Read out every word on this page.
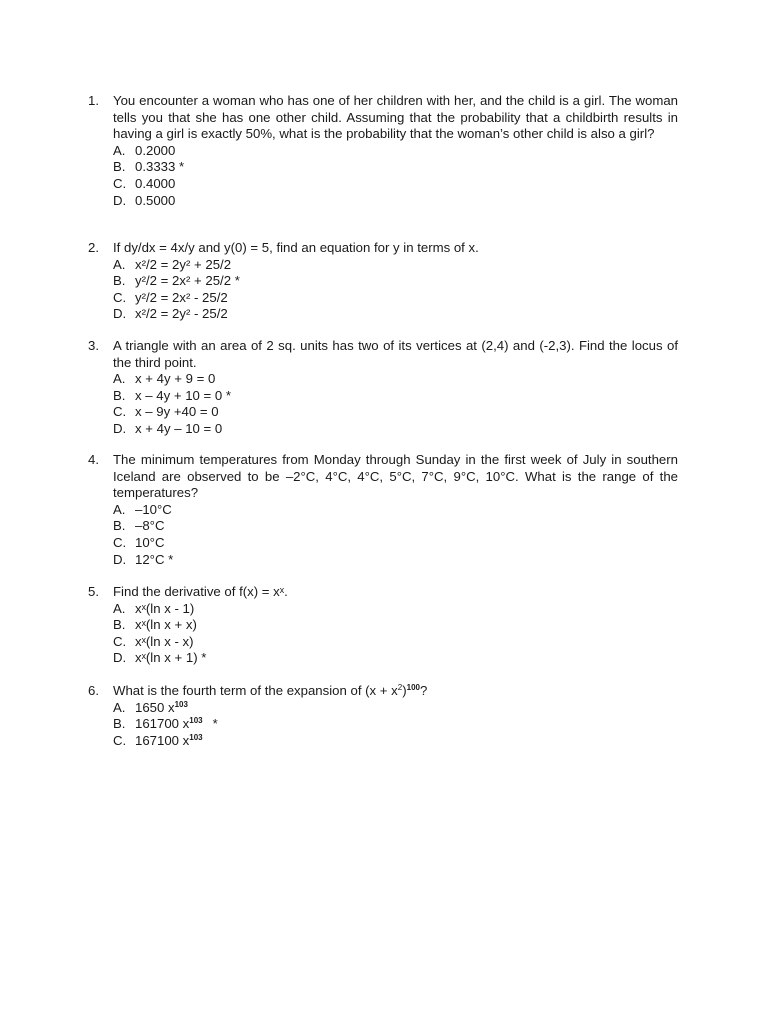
1.	You encounter a woman who has one of her children with her, and the child is a girl. The woman tells you that she has one other child. Assuming that the probability that a childbirth results in having a girl is exactly 50%, what is the probability that the woman’s other child is also a girl?
A. 0.2000
B. 0.3333 *
C. 0.4000
D. 0.5000
2.	If dy/dx = 4x/y and y(0) = 5, find an equation for y in terms of x.
A. x²/2 = 2y² + 25/2
B. y²/2 = 2x² + 25/2 *
C. y²/2 = 2x² - 25/2
D. x²/2 = 2y² - 25/2
3.	A triangle with an area of 2 sq. units has two of its vertices at (2,4) and (-2,3). Find the locus of the third point.
A. x + 4y + 9 = 0
B. x – 4y + 10 = 0 *
C. x – 9y +40 = 0
D. x + 4y – 10 = 0
4.	The minimum temperatures from Monday through Sunday in the first week of July in southern Iceland are observed to be –2°C, 4°C, 4°C, 5°C, 7°C, 9°C, 10°C. What is the range of the temperatures?
A. –10°C
B. –8°C
C. 10°C
D. 12°C *
5.	Find the derivative of f(x) = xˣ.
A. xˣ(ln x - 1)
B. xˣ(ln x + x)
C. xˣ(ln x - x)
D. xˣ(ln x + 1) *
6.	What is the fourth term of the expansion of $(x + x^2)^{100}$?
A. 1650 $x^{103}$
B. 161700 $x^{103}$ *
C. 167100 $x^{103}$
